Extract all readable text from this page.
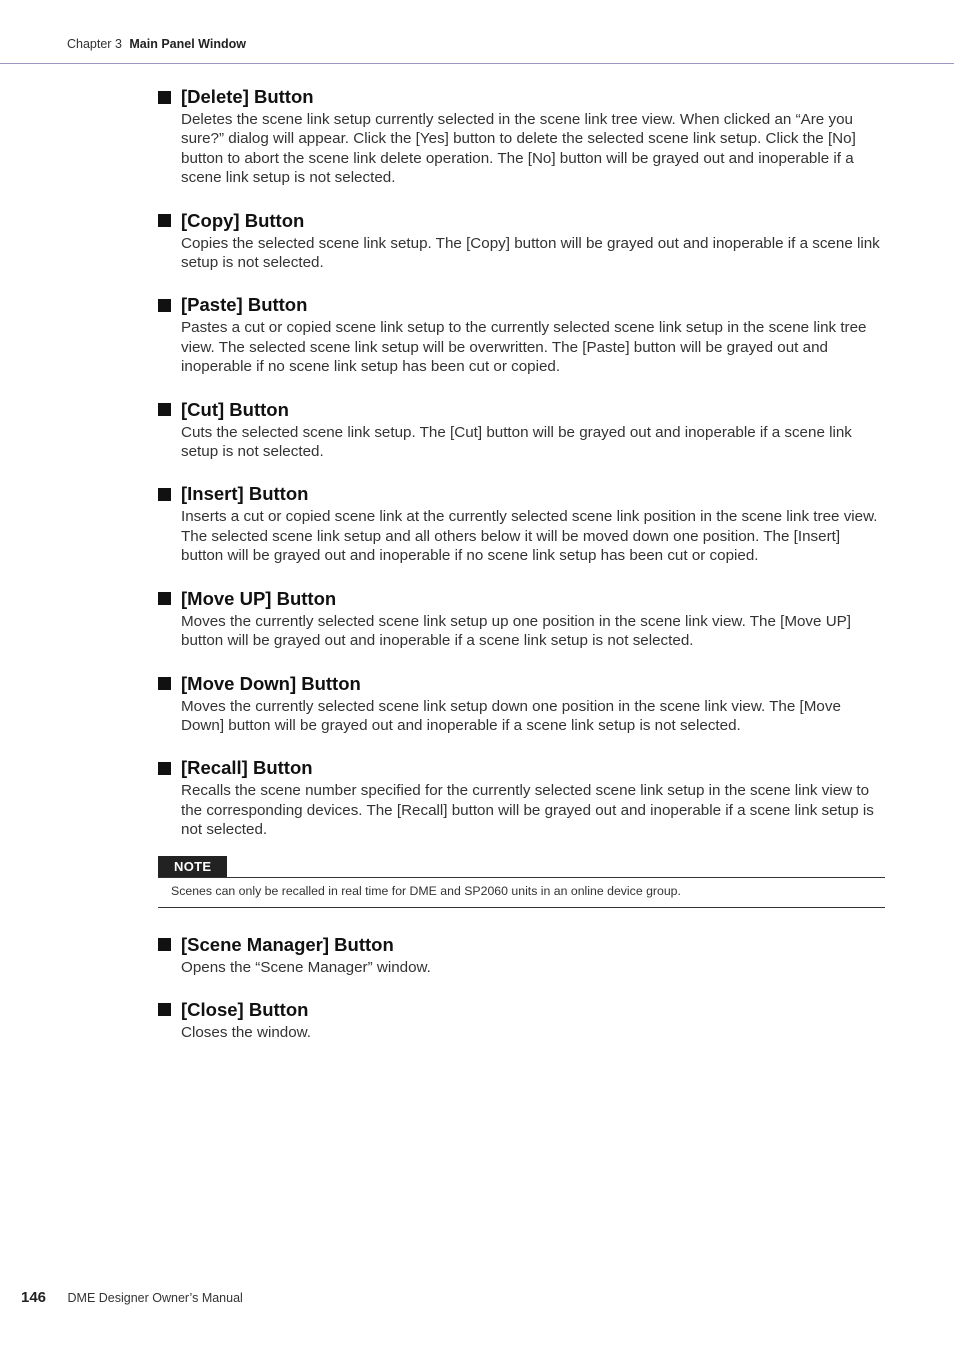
Chapter 3 Main Panel Window
[Delete] Button

Deletes the scene link setup currently selected in the scene link tree view. When clicked an “Are you sure?” dialog will appear. Click the [Yes] button to delete the selected scene link setup. Click the [No] button to abort the scene link delete operation. The [No] button will be grayed out and inoperable if a scene link setup is not selected.

[Copy] Button

Copies the selected scene link setup. The [Copy] button will be grayed out and inoperable if a scene link setup is not selected.

[Paste] Button

Pastes a cut or copied scene link setup to the currently selected scene link setup in the scene link tree view. The selected scene link setup will be overwritten. The [Paste] button will be grayed out and inoperable if no scene link setup has been cut or copied.

[Cut] Button

Cuts the selected scene link setup. The [Cut] button will be grayed out and inoperable if a scene link setup is not selected.

[Insert] Button

Inserts a cut or copied scene link at the currently selected scene link position in the scene link tree view. The selected scene link setup and all others below it will be moved down one position. The [Insert] button will be grayed out and inoperable if no scene link setup has been cut or copied.

[Move UP] Button

Moves the currently selected scene link setup up one position in the scene link view. The [Move UP] button will be grayed out and inoperable if a scene link setup is not selected.

[Move Down] Button

Moves the currently selected scene link setup down one position in the scene link view. The [Move Down] button will be grayed out and inoperable if a scene link setup is not selected.

[Recall] Button

Recalls the scene number specified for the currently selected scene link setup in the scene link view to the corresponding devices. The [Recall] button will be grayed out and inoperable if a scene link setup is not selected.

NOTE
Scenes can only be recalled in real time for DME and SP2060 units in an online device group.
[Scene Manager] Button

Opens the “Scene Manager” window.

[Close] Button

Closes the window.

146 DME Designer Owner’s Manual
